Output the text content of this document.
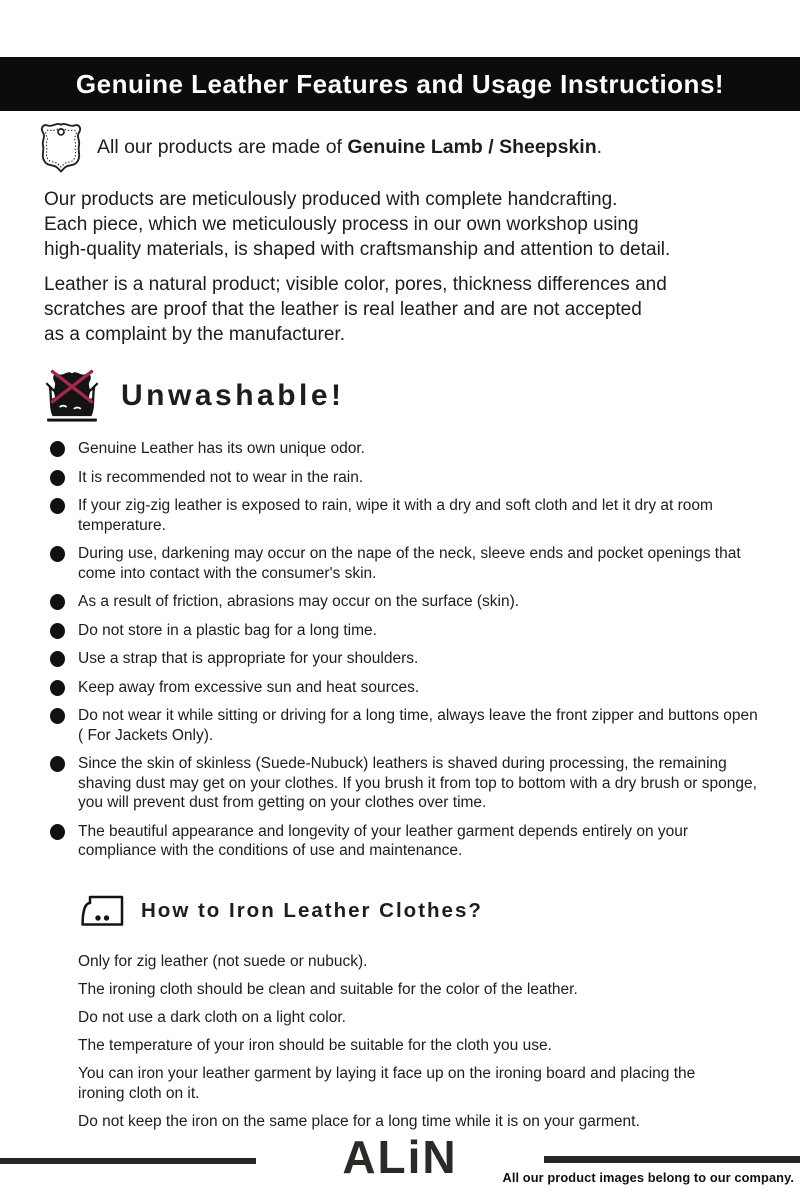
Genuine Leather Features and Usage Instructions!
All our products are made of Genuine Lamb / Sheepskin.
Our products are meticulously produced with complete handcrafting.
Each piece, which we meticulously process in our own workshop using
high-quality materials, is shaped with craftsmanship and attention to detail.
Leather is a natural product; visible color, pores, thickness differences and
scratches are proof that the leather is real leather and are not accepted
as a complaint by the manufacturer.
Unwashable!
Genuine Leather has its own unique odor.
It is recommended not to wear in the rain.
If your zig-zig leather is exposed to rain, wipe it with a dry and soft cloth and let it dry at room temperature.
During use, darkening may occur on the nape of the neck, sleeve ends and pocket openings that come into contact with the consumer's skin.
As a result of friction, abrasions may occur on the surface (skin).
Do not store in a plastic bag for a long time.
Use a strap that is appropriate for your shoulders.
Keep away from excessive sun and heat sources.
Do not wear it while sitting or driving for a long time, always leave the front zipper and buttons open ( For Jackets Only).
Since the skin of skinless (Suede-Nubuck) leathers is shaved during processing, the remaining shaving dust may get on your clothes. If you brush it from top to bottom with a dry brush or sponge, you will prevent dust from getting on your clothes over time.
The beautiful appearance and longevity of your leather garment depends entirely on your compliance with the conditions of use and maintenance.
How to Iron Leather Clothes?
Only for zig leather (not suede or nubuck).
The ironing cloth should be clean and suitable for the color of the leather.
Do not use a dark cloth on a light color.
The temperature of your iron should be suitable for the cloth you use.
You can iron your leather garment by laying it face up on the ironing board and placing the ironing cloth on it.
Do not keep the iron on the same place for a long time while it is on your garment.
ALiN	All our product images belong to our company.
